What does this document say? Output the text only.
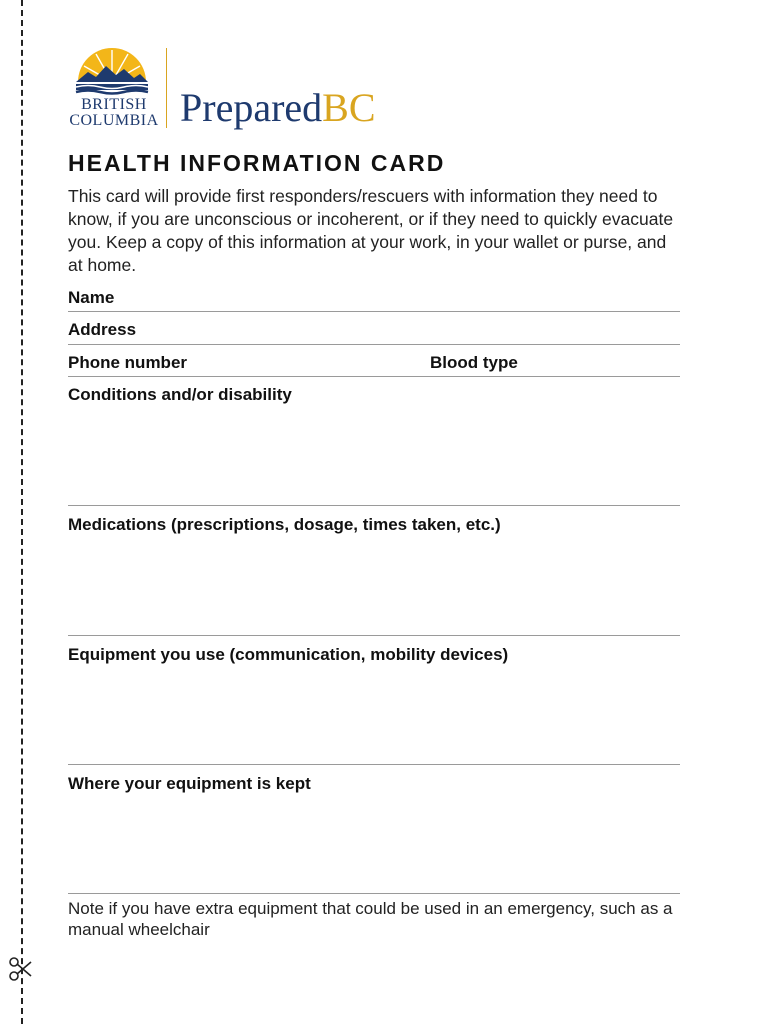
BRITISH
COLUMBIA PreparedBC
HEALTH INFORMATION CARD
This card will provide first responders/rescuers with information they need to know, if you are unconscious or incoherent, or if they need to quickly evacuate you. Keep a copy of this information at your work, in your wallet or purse, and at home.
Name
Address
Phone number	Blood type
Conditions and/or disability
Medications (prescriptions, dosage, times taken, etc.)
Equipment you use (communication, mobility devices)
Where your equipment is kept
Note if you have extra equipment that could be used in an emergency, such as a manual wheelchair
